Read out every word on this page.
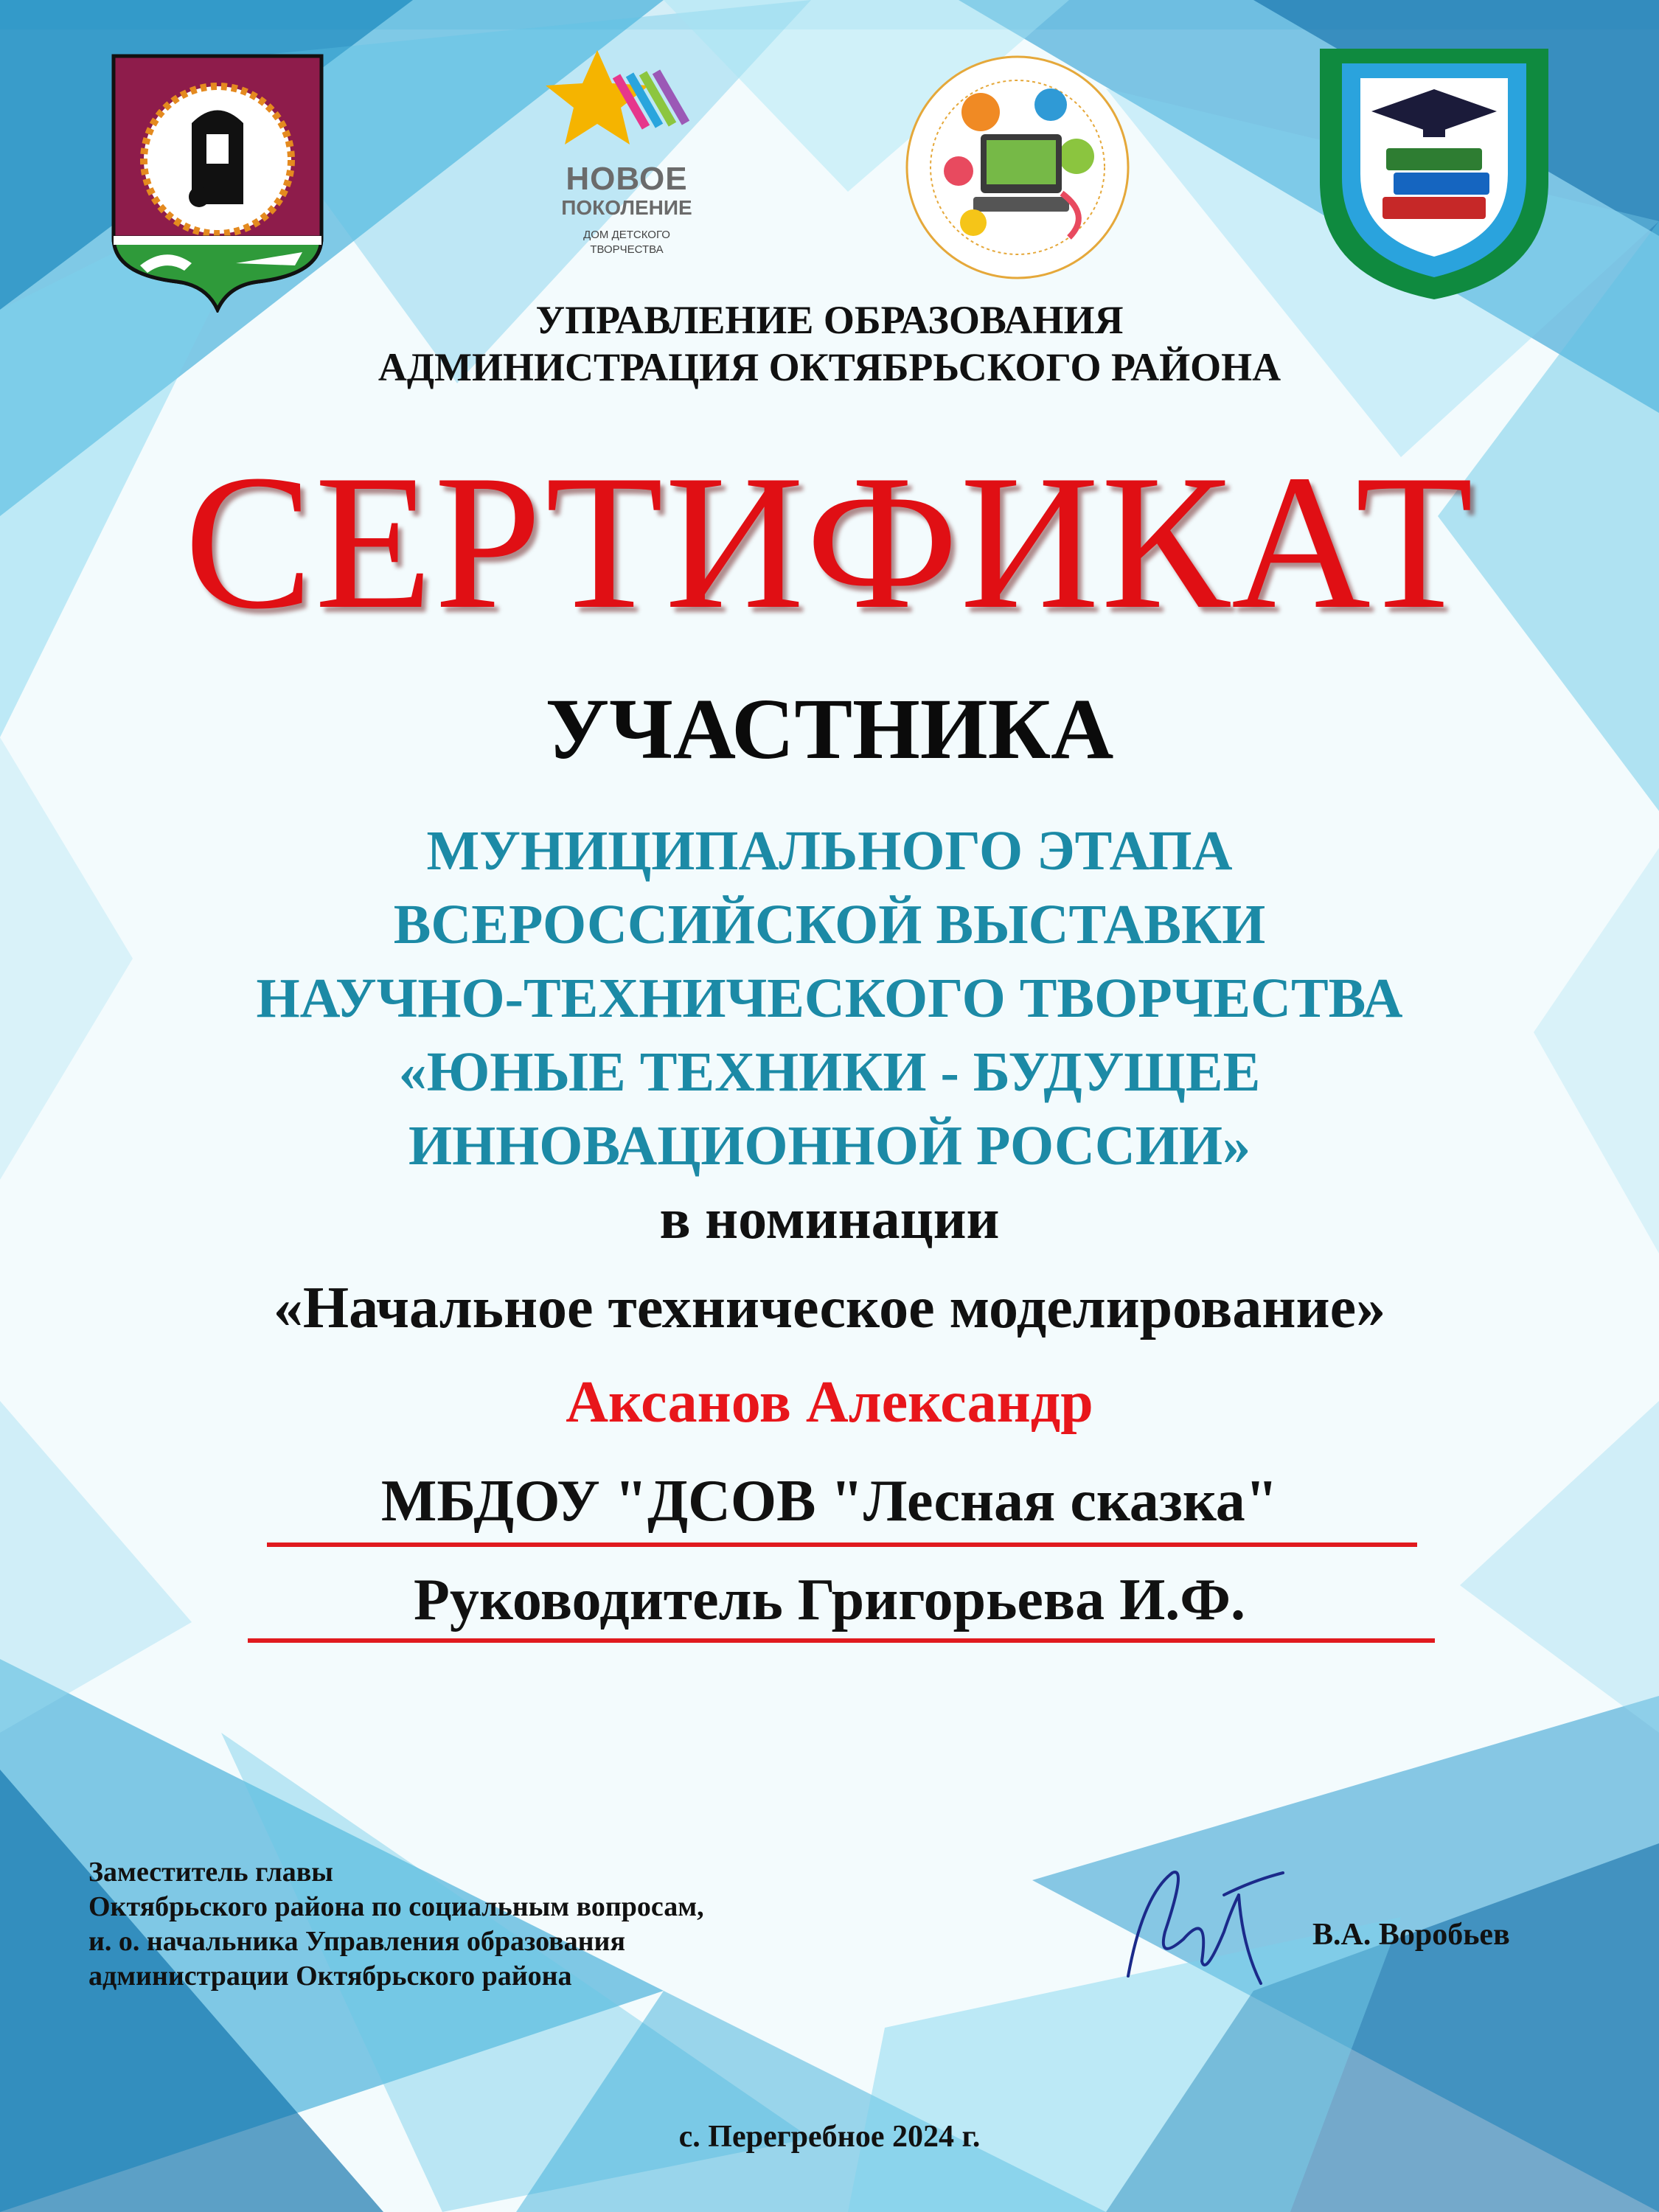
НОВОЕ
ПОКОЛЕНИЕ
ДОМ ДЕТСКОГО
ТВОРЧЕСТВА
УПРАВЛЕНИЕ ОБРАЗОВАНИЯ
АДМИНИСТРАЦИЯ ОКТЯБРЬСКОГО РАЙОНА
СЕРТИФИКАТ
УЧАСТНИКА
МУНИЦИПАЛЬНОГО ЭТАПА
ВСЕРОССИЙСКОЙ ВЫСТАВКИ
НАУЧНО-ТЕХНИЧЕСКОГО ТВОРЧЕСТВА
«ЮНЫЕ ТЕХНИКИ - БУДУЩЕЕ
ИННОВАЦИОННОЙ РОССИИ»
в номинации
«Начальное техническое моделирование»
Аксанов Александр
МБДОУ "ДСОВ "Лесная сказка"
Руководитель Григорьева И.Ф.
Заместитель главы
Октябрьского района по социальным вопросам,
и. о. начальника Управления образования
администрации Октябрьского района
В.А. Воробьев
с. Перегребное 2024 г.
